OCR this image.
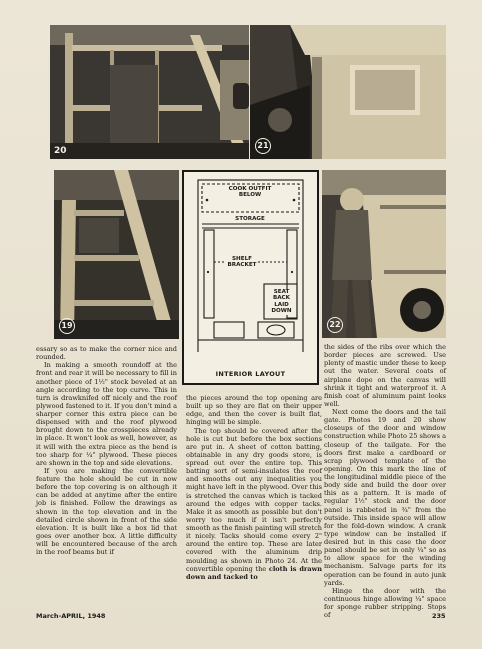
20
21
19	22
COOK OUTFIT BELOW
STORAGE
SHELF BRACKET
SEAT BACK LAID DOWN
INTERIOR LAYOUT

essary so as to make the corner nice and rounded.

In making a smooth roundoff at the front and rear it will be necessary to fill in another piece of 1½" stock beveled at an angle according to the top curve. This in turn is drawknifed off nicely and the roof plywood fastened to it. If you don't mind a sharper corner this extra piece can be dispensed with and the roof plywood brought down to the crosspieces already in place. It won't look as well, however, as it will with the extra piece as the bend is too sharp for ¼" plywood. These pieces are shown in the top and side elevations.

If you are making the convertible feature the hole should be cut in now before the top covering is on although it can be added at anytime after the entire job is finished. Follow the drawings as shown in the top elevation and in the detailed circle shown in front of the side elevation. It is built like a box lid that goes over another box. A little difficulty will be encountered because of the arch in the roof beams but if

the pieces around the top opening are built up so they are flat on their upper edge, and then the cover is built flat, hinging will be simple.

The top should be covered after the hole is cut but before the box sections are put in. A sheet of cotton batting, obtainable in any dry goods store, is spread out over the entire top. This batting sort of semi-insulates the roof and smooths out any inequalities you might have left in the plywood. Over this is stretched the canvas which is tacked around the edges with copper tacks. Make it as smooth as possible but don't worry too much if it isn't perfectly smooth as the finish painting will stretch it nicely. Tacks should come every 2" around the entire top. These are later covered with the aluminum drip moulding as shown in Photo 24. At the convertible opening the cloth is drawn down and tacked to

the sides of the ribs over which the border pieces are screwed. Use plenty of mastic under these to keep out the water. Several coats of airplane dope on the canvas will shrink it tight and waterproof it. A finish coat of aluminum paint looks well.

Next come the doors and the tail gate. Photos 19 and 20 show closeups of the door and window construction while Photo 25 shows a closeup of the tailgate. For the doors first make a cardboard or scrap plywood template of the opening. On this mark the line of the longitudinal middle piece of the body side and build the door over this as a pattern. It is made of regular 1½" stock and the door panel is rabbeted in ¾" from the outside. This inside space will allow for the fold-down window. A crank type window can be installed if desired but in this case the door panel should be set in only ¼" so as to allow space for the winding mechanism. Salvage parts for its operation can be found in auto junk yards.

Hinge the door with the continuous hinge allowing ¼" space for sponge rubber stripping. Stops of

March-APRIL, 1948	235
